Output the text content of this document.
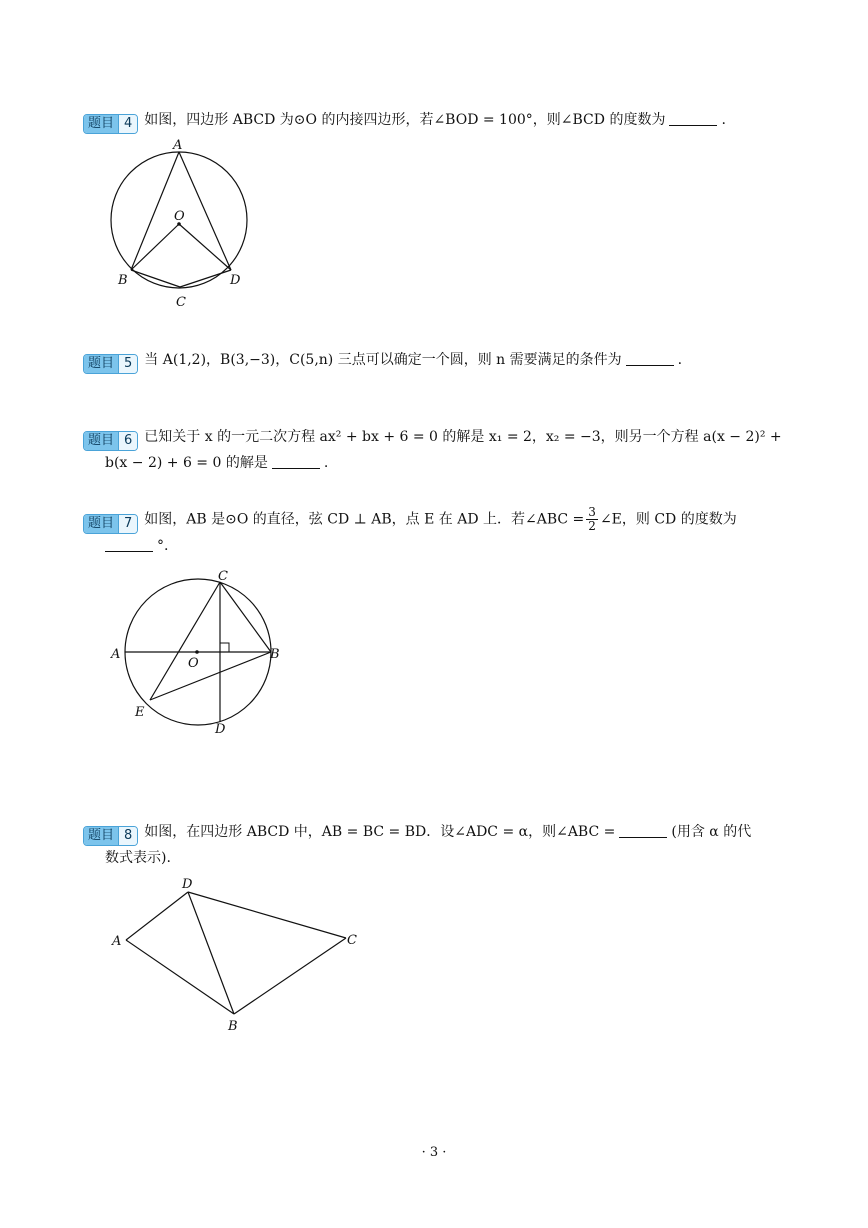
题目 4 如图，四边形 ABCD 为⊙O 的内接四边形，若∠BOD = 100°，则∠BCD 的度数为	.
A
O
B	D
C
题目 5 当 A(1,2)，B(3,−3)，C(5,n) 三点可以确定一个圆，则 n 需要满足的条件为	.
题目 6 已知关于 x 的一元二次方程 ax² + bx + 6 = 0 的解是 x₁ = 2，x₂ = −3，则另一个方程 a(x − 2)² +
b(x − 2) + 6 = 0 的解是	.
题目 7 如图，AB 是⊙O 的直径，弦 CD ⊥ AB，点 E 在 AD 上．若∠ABC = $\frac{3}{2}$ ∠E，则 CD 的度数为
°.
C
A	B
O
E
D
题目 8 如图，在四边形 ABCD 中，AB = BC = BD．设∠ADC = α，则∠ABC =	(用含 α 的代
数式表示).
D
A	C
B
· 3 ·
